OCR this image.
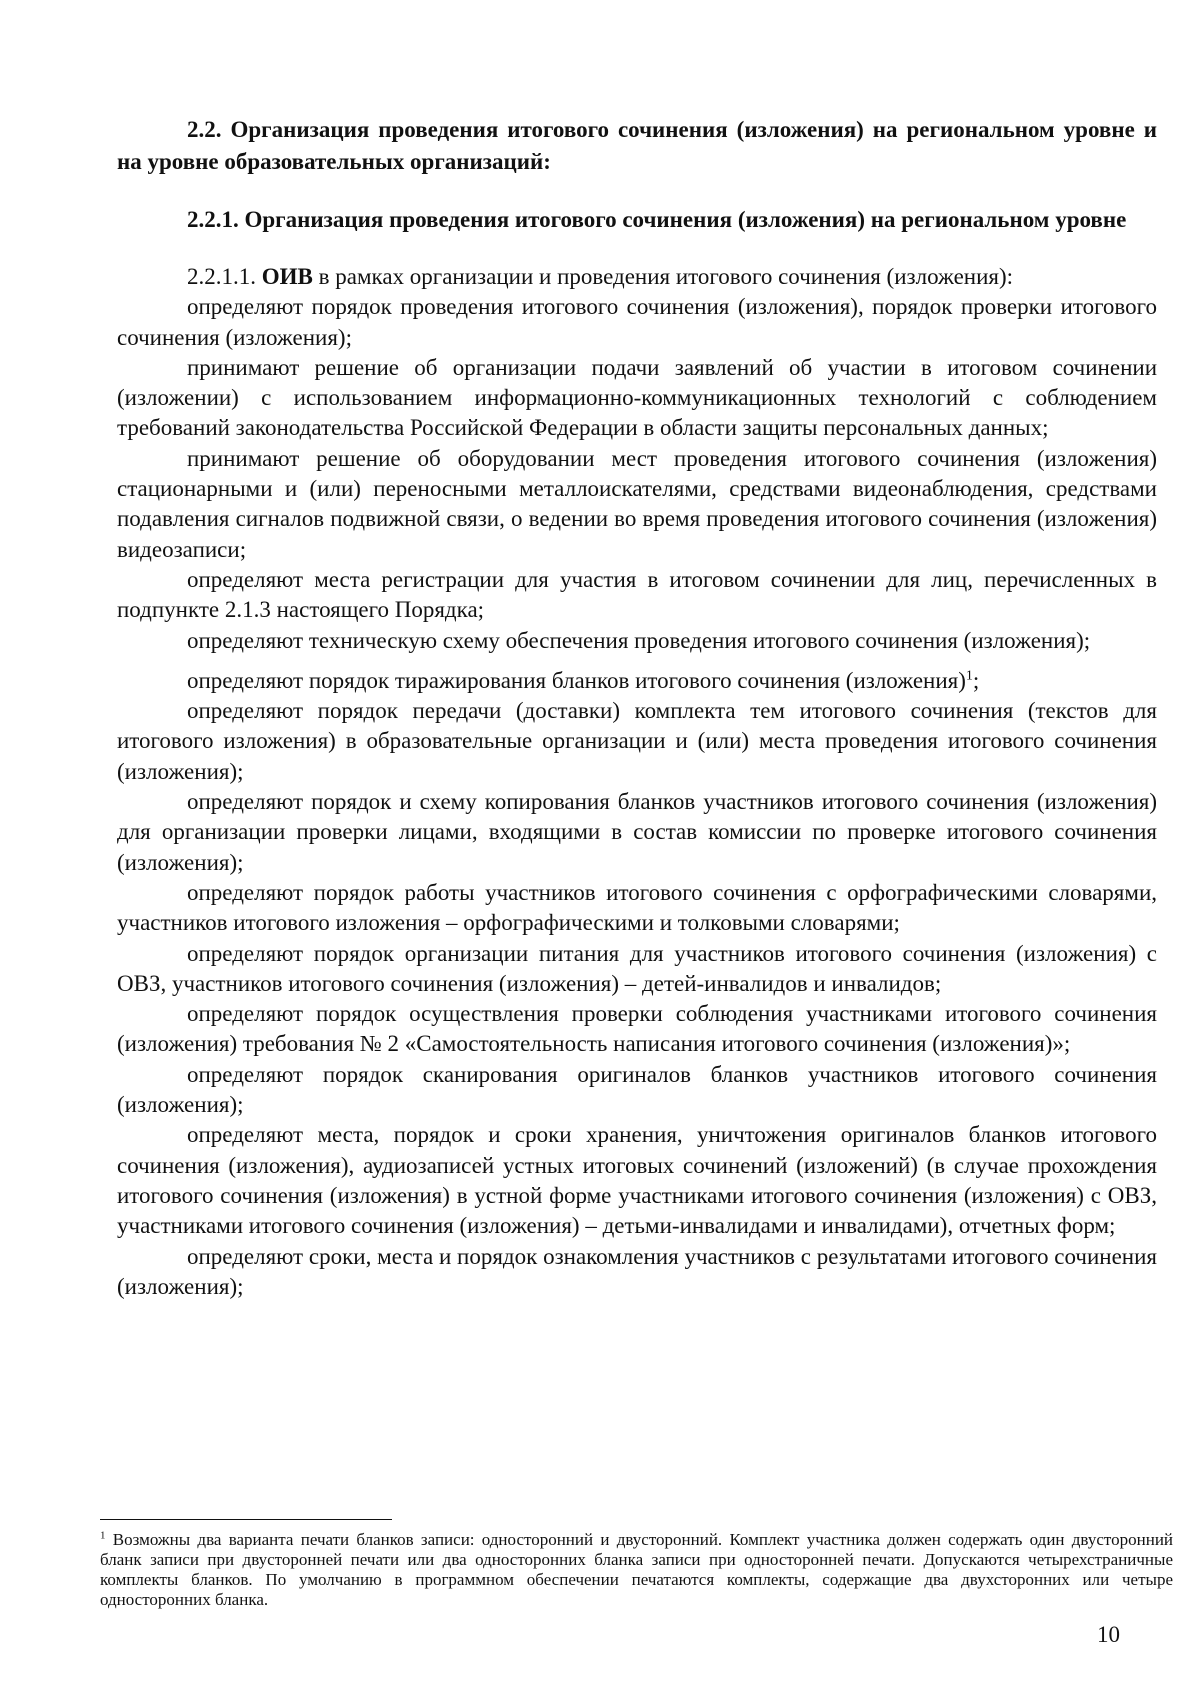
2.2. Организация проведения итогового сочинения (изложения) на региональном уровне и на уровне образовательных организаций:

2.2.1. Организация проведения итогового сочинения (изложения) на региональном уровне

2.2.1.1. ОИВ в рамках организации и проведения итогового сочинения (изложения):

определяют порядок проведения итогового сочинения (изложения), порядок проверки итогового сочинения (изложения);

принимают решение об организации подачи заявлений об участии в итоговом сочинении (изложении) с использованием информационно-коммуникационных технологий с соблюдением требований законодательства Российской Федерации в области защиты персональных данных;

принимают решение об оборудовании мест проведения итогового сочинения (изложения) стационарными и (или) переносными металлоискателями, средствами видеонаблюдения, средствами подавления сигналов подвижной связи, о ведении во время проведения итогового сочинения (изложения) видеозаписи;

определяют места регистрации для участия в итоговом сочинении для лиц, перечисленных в подпункте 2.1.3 настоящего Порядка;

определяют техническую схему обеспечения проведения итогового сочинения (изложения);

определяют порядок тиражирования бланков итогового сочинения (изложения)$^1$;

определяют порядок передачи (доставки) комплекта тем итогового сочинения (текстов для итогового изложения) в образовательные организации и (или) места проведения итогового сочинения (изложения);

определяют порядок и схему копирования бланков участников итогового сочинения (изложения) для организации проверки лицами, входящими в состав комиссии по проверке итогового сочинения (изложения);

определяют порядок работы участников итогового сочинения с орфографическими словарями, участников итогового изложения – орфографическими и толковыми словарями;

определяют порядок организации питания для участников итогового сочинения (изложения) с ОВЗ, участников итогового сочинения (изложения) – детей-инвалидов и инвалидов;

определяют порядок осуществления проверки соблюдения участниками итогового сочинения (изложения) требования № 2 «Самостоятельность написания итогового сочинения (изложения)»;

определяют порядок сканирования оригиналов бланков участников итогового сочинения (изложения);

определяют места, порядок и сроки хранения, уничтожения оригиналов бланков итогового сочинения (изложения), аудиозаписей устных итоговых сочинений (изложений) (в случае прохождения итогового сочинения (изложения) в устной форме участниками итогового сочинения (изложения) с ОВЗ, участниками итогового сочинения (изложения) – детьми-инвалидами и инвалидами), отчетных форм;

определяют сроки, места и порядок ознакомления участников с результатами итогового сочинения (изложения);

$^1$ Возможны два варианта печати бланков записи: односторонний и двусторонний. Комплект участника должен содержать один двусторонний бланк записи при двусторонней печати или два односторонних бланка записи при односторонней печати. Допускаются четырехстраничные комплекты бланков. По умолчанию в программном обеспечении печатаются комплекты, содержащие два двухсторонних или четыре односторонних бланка.

10
